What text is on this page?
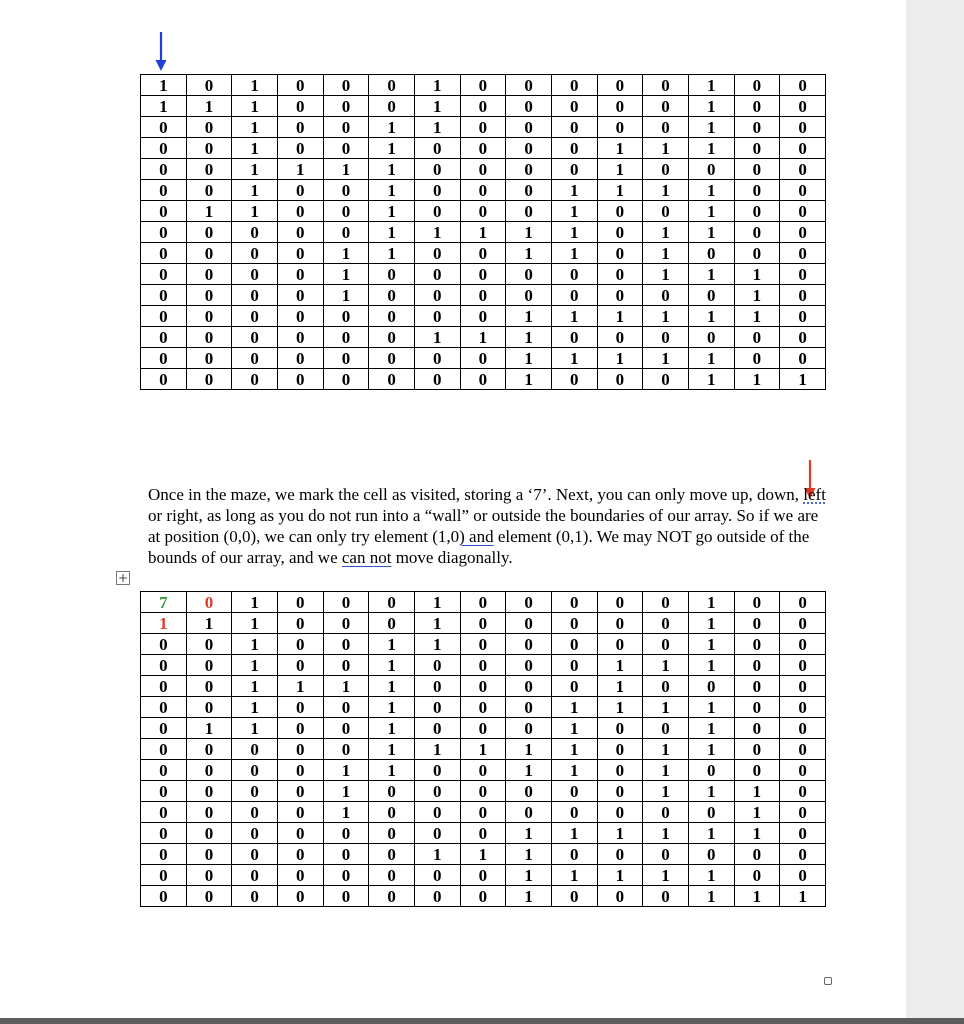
1	0	1	0	0	0	1	0	0	0	0	0	1	0	0
1	1	1	0	0	0	1	0	0	0	0	0	1	0	0
0	0	1	0	0	1	1	0	0	0	0	0	1	0	0
0	0	1	0	0	1	0	0	0	0	1	1	1	0	0
0	0	1	1	1	1	0	0	0	0	1	0	0	0	0
0	0	1	0	0	1	0	0	0	1	1	1	1	0	0
0	1	1	0	0	1	0	0	0	1	0	0	1	0	0
0	0	0	0	0	1	1	1	1	1	0	1	1	0	0
0	0	0	0	1	1	0	0	1	1	0	1	0	0	0
0	0	0	0	1	0	0	0	0	0	0	1	1	1	0
0	0	0	0	1	0	0	0	0	0	0	0	0	1	0
0	0	0	0	0	0	0	0	1	1	1	1	1	1	0
0	0	0	0	0	0	1	1	1	0	0	0	0	0	0
0	0	0	0	0	0	0	0	1	1	1	1	1	0	0
0	0	0	0	0	0	0	0	1	0	0	0	1	1	1
Once in the maze, we mark the cell as visited, storing a ‘7’. Next, you can only move up, down, left or right, as long as you do not run into a “wall” or outside the boundaries of our array. So if we are at position (0,0), we can only try element (1,0) and element (0,1). We may NOT go outside of the bounds of our array, and we can not move diagonally.
+
7	0	1	0	0	0	1	0	0	0	0	0	1	0	0
1	1	1	0	0	0	1	0	0	0	0	0	1	0	0
0	0	1	0	0	1	1	0	0	0	0	0	1	0	0
0	0	1	0	0	1	0	0	0	0	1	1	1	0	0
0	0	1	1	1	1	0	0	0	0	1	0	0	0	0
0	0	1	0	0	1	0	0	0	1	1	1	1	0	0
0	1	1	0	0	1	0	0	0	1	0	0	1	0	0
0	0	0	0	0	1	1	1	1	1	0	1	1	0	0
0	0	0	0	1	1	0	0	1	1	0	1	0	0	0
0	0	0	0	1	0	0	0	0	0	0	1	1	1	0
0	0	0	0	1	0	0	0	0	0	0	0	0	1	0
0	0	0	0	0	0	0	0	1	1	1	1	1	1	0
0	0	0	0	0	0	1	1	1	0	0	0	0	0	0
0	0	0	0	0	0	0	0	1	1	1	1	1	0	0
0	0	0	0	0	0	0	0	1	0	0	0	1	1	1
